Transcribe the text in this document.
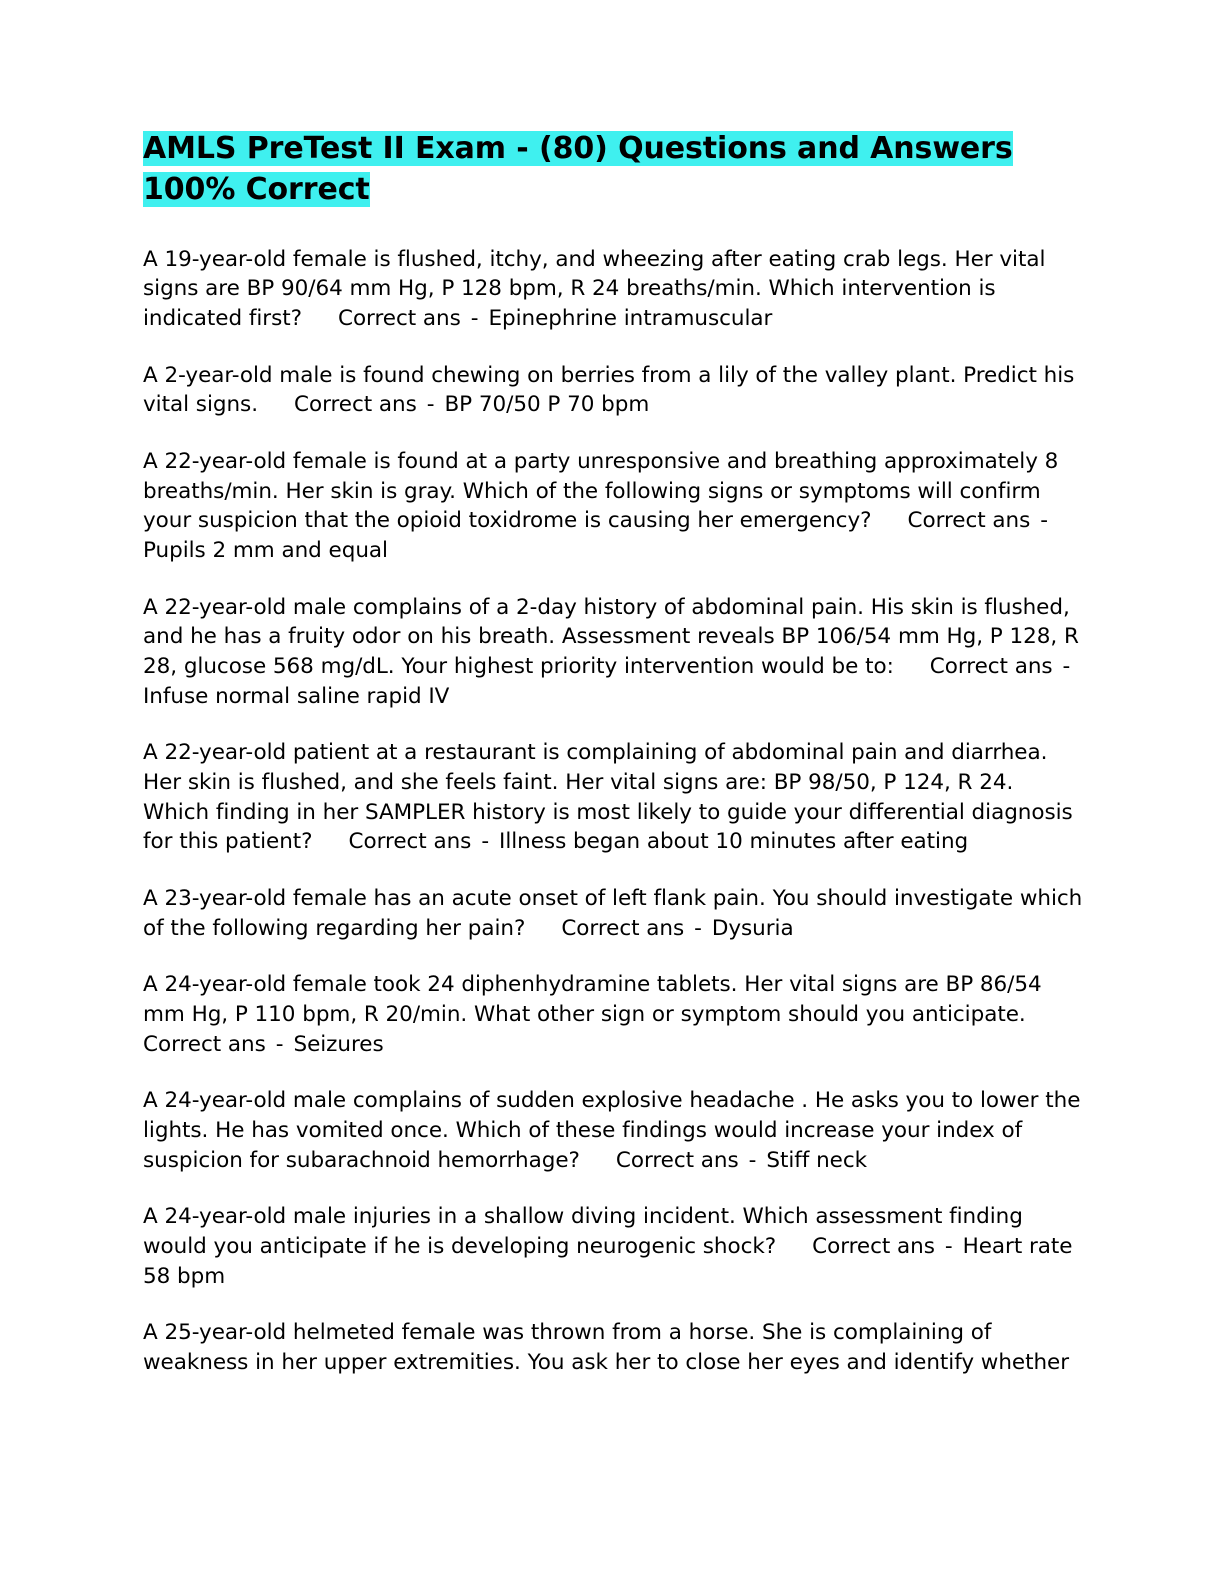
AMLS PreTest II Exam - (80) Questions and Answers
100% Correct

A 19-year-old female is flushed, itchy, and wheezing after eating crab legs. Her vital signs are BP 90/64 mm Hg, P 128 bpm, R 24 breaths/min. Which intervention is indicated first? Correct ans - Epinephrine intramuscular

A 2-year-old male is found chewing on berries from a lily of the valley plant. Predict his vital signs. Correct ans - BP 70/50 P 70 bpm

A 22-year-old female is found at a party unresponsive and breathing approximately 8 breaths/min. Her skin is gray. Which of the following signs or symptoms will confirm your suspicion that the opioid toxidrome is causing her emergency? Correct ans -Pupils 2 mm and equal

A 22-year-old male complains of a 2-day history of abdominal pain. His skin is flushed, and he has a fruity odor on his breath. Assessment reveals BP 106/54 mm Hg, P 128, R 28, glucose 568 mg/dL. Your highest priority intervention would be to: Correct ans -Infuse normal saline rapid IV

A 22-year-old patient at a restaurant is complaining of abdominal pain and diarrhea. Her skin is flushed, and she feels faint. Her vital signs are: BP 98/50, P 124, R 24. Which finding in her SAMPLER history is most likely to guide your differential diagnosis for this patient? Correct ans - Illness began about 10 minutes after eating

A 23-year-old female has an acute onset of left flank pain. You should investigate which of the following regarding her pain? Correct ans - Dysuria

A 24-year-old female took 24 diphenhydramine tablets. Her vital signs are BP 86/54 mm Hg, P 110 bpm, R 20/min. What other sign or symptom should you anticipate.Correct ans - Seizures

A 24-year-old male complains of sudden explosive headache . He asks you to lower the lights. He has vomited once. Which of these findings would increase your index of suspicion for subarachnoid hemorrhage? Correct ans - Stiff neck

A 24-year-old male injuries in a shallow diving incident. Which assessment finding would you anticipate if he is developing neurogenic shock? Correct ans - Heart rate 58 bpm

A 25-year-old helmeted female was thrown from a horse. She is complaining of weakness in her upper extremities. You ask her to close her eyes and identify whether
